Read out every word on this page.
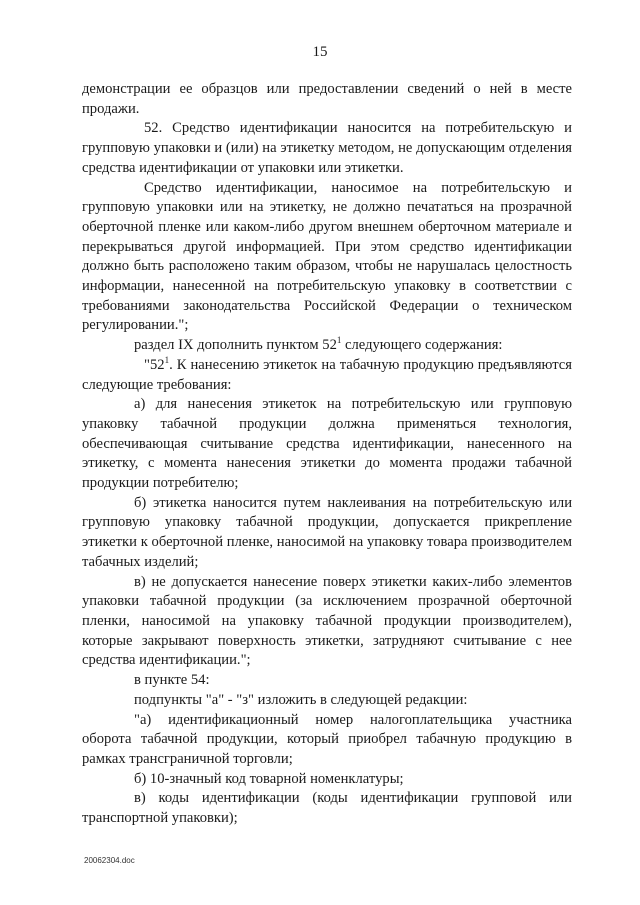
15

демонстрации ее образцов или предоставлении сведений о ней в месте продажи.

52. Средство идентификации наносится на потребительскую и групповую упаковки и (или) на этикетку методом, не допускающим отделения средства идентификации от упаковки или этикетки.

Средство идентификации, наносимое на потребительскую и групповую упаковки или на этикетку, не должно печататься на прозрачной оберточной пленке или каком-либо другом внешнем оберточном материале и перекрываться другой информацией. При этом средство идентификации должно быть расположено таким образом, чтобы не нарушалась целостность информации, нанесенной на потребительскую упаковку в соответствии с требованиями законодательства Российской Федерации о техническом регулировании.";

раздел IX дополнить пунктом $52^1$ следующего содержания:

"$52^1$. К нанесению этикеток на табачную продукцию предъявляются следующие требования:

а) для нанесения этикеток на потребительскую или групповую упаковку табачной продукции должна применяться технология, обеспечивающая считывание средства идентификации, нанесенного на этикетку, с момента нанесения этикетки до момента продажи табачной продукции потребителю;

б) этикетка наносится путем наклеивания на потребительскую или групповую упаковку табачной продукции, допускается прикрепление этикетки к оберточной пленке, наносимой на упаковку товара производителем табачных изделий;

в) не допускается нанесение поверх этикетки каких-либо элементов упаковки табачной продукции (за исключением прозрачной оберточной пленки, наносимой на упаковку табачной продукции производителем), которые закрывают поверхность этикетки, затрудняют считывание с нее средства идентификации.";

в пункте 54:

подпункты "а" - "з" изложить в следующей редакции:

"а) идентификационный номер налогоплательщика участника оборота табачной продукции, который приобрел табачную продукцию в рамках трансграничной торговли;

б) 10-значный код товарной номенклатуры;

в) коды идентификации (коды идентификации групповой или транспортной упаковки);

20062304.doc
